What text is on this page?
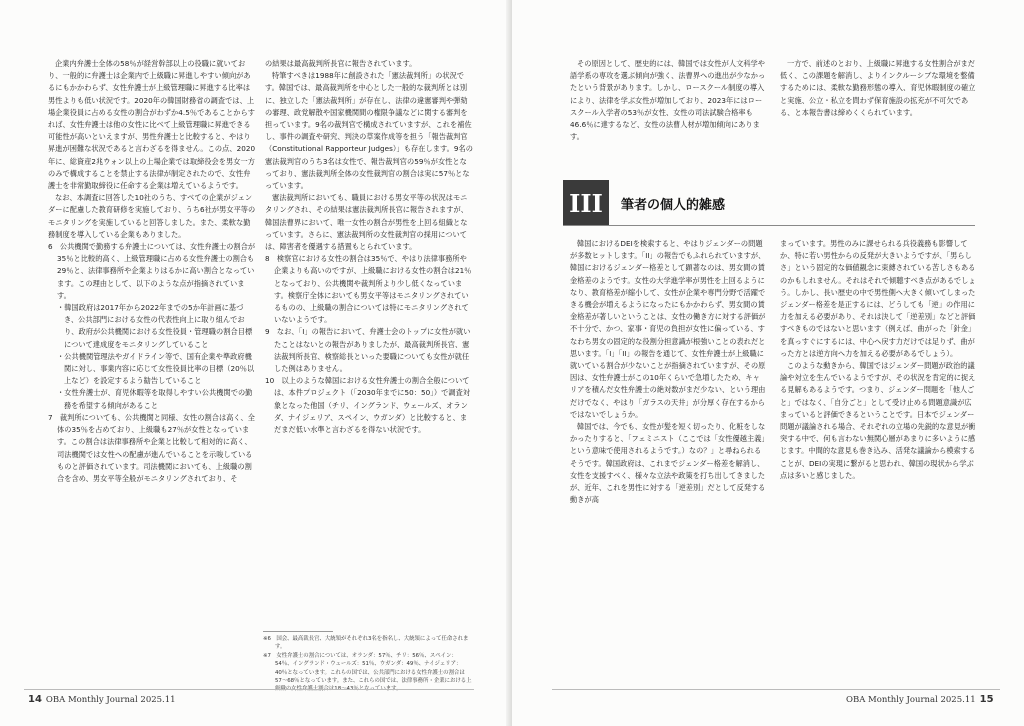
企業内弁護士全体の58％が経営幹部以上の役職に就いており、一般的に弁護士は企業内で上級職に昇進しやすい傾向があるにもかかわらず、女性弁護士が上級管理職に昇進する比率は男性よりも低い状況です。2020年の韓国財務省の調査では、上場企業役員に占める女性の割合がわずか4.5％であることからすれば、女性弁護士は他の女性に比べて上級管理職に昇進できる可能性が高いといえますが、男性弁護士と比較すると、やはり昇進が困難な状況であると言わざるを得ません。この点、2020年に、総資産2兆ウォン以上の上場企業では取締役会を男女一方のみで構成することを禁止する法律が制定されたので、女性弁護士を非常勤取締役に任命する企業は増えているようです。

なお、本調査に回答した10社のうち、すべての企業がジェンダーに配慮した教育研修を実施しており、うち6社が男女平等のモニタリングを実施していると回答しました。また、柔軟な勤務制度を導入している企業もありました。

6　公共機関で勤務する弁護士については、女性弁護士の割合が35％と比較的高く、上級管理職に占める女性弁護士の割合も29％と、法律事務所や企業よりはるかに高い割合となっています。この理由として、以下のような点が指摘されています。

・韓国政府は2017年から2022年までの5か年計画に基づき、公共部門における女性の代表性向上に取り組んでおり、政府が公共機関における女性役員・管理職の割合目標について達成度をモニタリングしていること

・公共機関管理法やガイドライン等で、国有企業や準政府機関に対し、事業内容に応じて女性役員比率の目標（20％以上など）を設定するよう勧告していること

・女性弁護士が、育児休暇等を取得しやすい公共機関での勤務を希望する傾向があること

7　裁判所についても、公共機関と同様、女性の割合は高く、全体の35％を占めており、上級職も27％が女性となっています。この割合は法律事務所や企業と比較して相対的に高く、司法機関では女性への配慮が進んでいることを示唆しているものと評価されています。司法機関においても、上級職の割合を含め、男女平等全般がモニタリングされており、そ

の結果は最高裁判所長官に報告されています。

特筆すべきは1988年に創設された「憲法裁判所」の状況です。韓国では、最高裁判所を中心とした一般的な裁判所とは別に、独立した「憲法裁判所」が存在し、法律の違憲審判や弾劾の審理、政党解散や国家機関間の権限争議などに関する審判を担っています。9名の裁判官で構成されていますが、これを補佐し、事件の調査や研究、判決の草案作成等を担う「報告裁判官（Constitutional Rapporteur Judges）」も存在します。9名の憲法裁判官のうち3名は女性で、報告裁判官の59％が女性となっており、憲法裁判所全体の女性裁判官の割合は実に57％となっています。

憲法裁判所においても、職員における男女平等の状況はモニタリングされ、その結果は憲法裁判所長官に報告されますが、韓国法曹界において、唯一女性の割合が男性を上回る組織となっています。さらに、憲法裁判所の女性裁判官の採用については、障害者を優遇する措置もとられています。

8　検察官における女性の割合は35％で、やはり法律事務所や企業よりも高いのですが、上級職における女性の割合は21％となっており、公共機関や裁判所より少し低くなっています。検察庁全体においても男女平等はモニタリングされているものの、上級職の割合については特にモニタリングされていないようです。

9　なお、「I」の報告において、弁護士会のトップに女性が就いたことはないとの報告がありましたが、最高裁判所長官、憲法裁判所長官、検察総長といった要職についても女性が就任した例はありません。

10　以上のような韓国における女性弁護士の割合全般については、本件プロジェクト（「2030年までに50：50」）で調査対象となった他国（チリ、イングランド、ウェールズ、オランダ、ナイジェリア、スペイン、ウガンダ）と比較すると、まだまだ低い水準と言わざるを得ない状況です。

※6　国会、最高裁長官、大統領がそれぞれ3名を指名し、大統領によって任命されます。

※7　女性弁護士の割合については、オランダ：57％、チリ：56％、スペイン：54％、イングランド・ウェールズ：51％、ウガンダ：49％、ナイジェリア：40％となっています。これらの国では、公共部門における女性弁護士の割合は57〜68％となっています。また、これらの国では、法律事務所・企業における上級職の女性弁護士割合は18〜43％となっています。

14 OBA Monthly Journal 2025.11

その原因として、歴史的には、韓国では女性が人文科学や語学系の専攻を選ぶ傾向が強く、法曹界への進出が少なかったという背景があります。しかし、ロースクール制度の導入により、法律を学ぶ女性が増加しており、2023年にはロースクール入学者の53％が女性、女性の司法試験合格率も46.6％に達するなど、女性の法曹人材が増加傾向にあります。

一方で、前述のとおり、上級職に昇進する女性割合がまだ低く、この課題を解消し、よりインクルーシブな環境を整備するためには、柔軟な勤務形態の導入、育児休暇制度の確立と実施、公立・私立を問わず保育施設の拡充が不可欠である、と本報告書は締めくくられています。

III	筆者の個人的雑感

韓国におけるDEIを検索すると、やはりジェンダーの問題が多数ヒットします。「II」の報告でもふれられていますが、韓国におけるジェンダー格差として顕著なのは、男女間の賃金格差のようです。女性の大学進学率が男性を上回るようになり、教育格差が縮小して、女性が企業や専門分野で活躍できる機会が増えるようになったにもかかわらず、男女間の賃金格差が著しいということは、女性の働き方に対する評価が不十分で、かつ、家事・育児の負担が女性に偏っている、すなわち男女の固定的な役割分担意識が根強いことの表れだと思います。「I」「II」の報告を通じて、女性弁護士が上級職に就いている割合が少ないことが指摘されていますが、その原因は、女性弁護士がこの10年くらいで急増したため、キャリアを積んだ女性弁護士の絶対数がまだ少ない、という理由だけでなく、やはり「ガラスの天井」が分厚く存在するからではないでしょうか。

韓国では、今でも、女性が髪を短く切ったり、化粧をしなかったりすると、「フェミニスト（ここでは「女性優越主義」という意味で使用されるようです。）なの？」と尋ねられるそうです。韓国政府は、これまでジェンダー格差を解消し、女性を支援すべく、様々な立法や政策を打ち出してきましたが、近年、これを男性に対する「逆差別」だとして反発する動きが高

まっています。男性のみに課せられる兵役義務も影響してか、特に若い男性からの反発が大きいようですが、「男らしさ」という固定的な価値観念に束縛されている苦しさもあるのかもしれません。それはそれで傾聴すべき点があるでしょう。しかし、長い歴史の中で男性側へ大きく傾いてしまったジェンダー格差を是正するには、どうしても「逆」の作用に力を加える必要があり、それは決して「逆差別」などと評価すべきものではないと思います（例えば、曲がった「針金」を真っすぐにするには、中心へ戻す力だけでは足りず、曲がった方とは逆方向へ力を加える必要があるでしょう）。

このような動きから、韓国ではジェンダー問題が政治的議論や対立を生んでいるようですが、その状況を肯定的に捉える見解もあるようです。つまり、ジェンダー問題を「他人ごと」ではなく、「自分ごと」として受け止める問題意識が広まっていると評価できるということです。日本でジェンダー問題が議論される場合、それぞれの立場の先鋭的な意見が衝突する中で、何も言わない無関心層があまりに多いように感じます。中間的な意見も巻き込み、活発な議論から模索することが、DEIの実現に繋がると思われ、韓国の現状から学ぶ点は多いと感じました。

OBA Monthly Journal 2025.11 15
